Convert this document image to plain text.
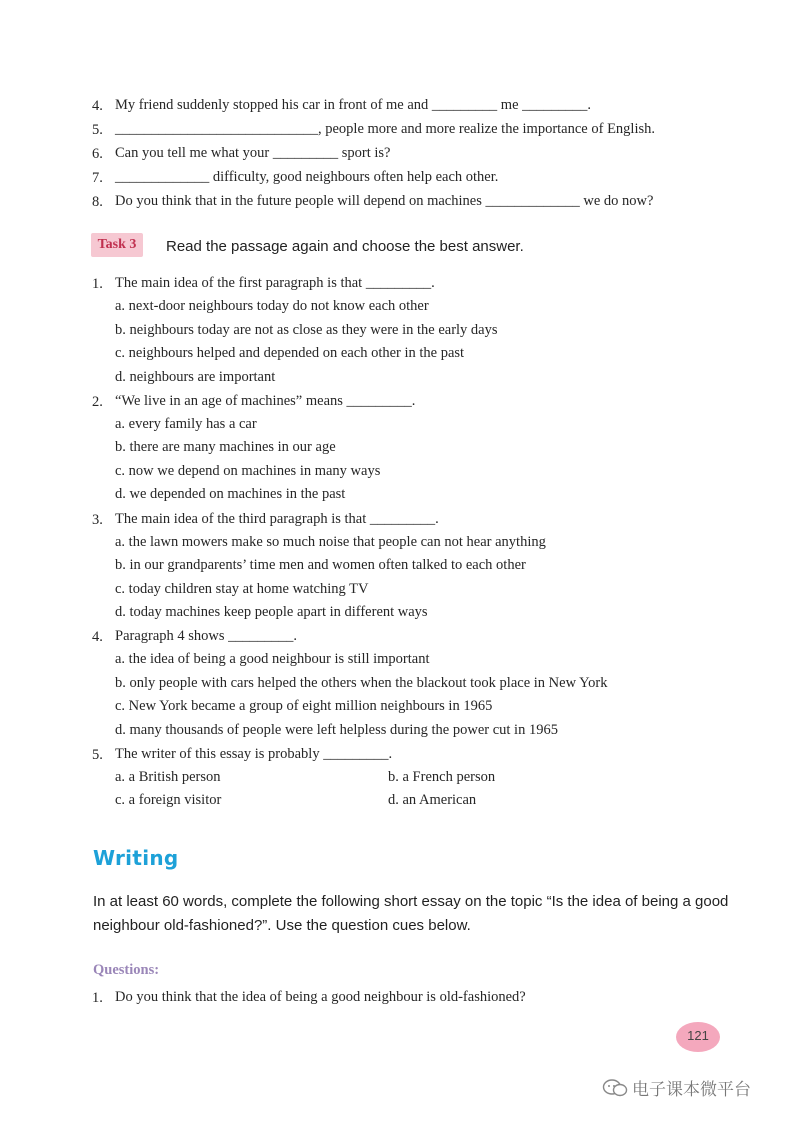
4. My friend suddenly stopped his car in front of me and _________ me _________.
5. ____________________________, people more and more realize the importance of English.
6. Can you tell me what your _________ sport is?
7. _____________ difficulty, good neighbours often help each other.
8. Do you think that in the future people will depend on machines _____________ we do now?
Task 3	Read the passage again and choose the best answer.
1. The main idea of the first paragraph is that _________.
a. next-door neighbours today do not know each other
b. neighbours today are not as close as they were in the early days
c. neighbours helped and depended on each other in the past
d. neighbours are important
2. “We live in an age of machines” means _________.
a. every family has a car
b. there are many machines in our age
c. now we depend on machines in many ways
d. we depended on machines in the past
3. The main idea of the third paragraph is that _________.
a. the lawn mowers make so much noise that people can not hear anything
b. in our grandparents’ time men and women often talked to each other
c. today children stay at home watching TV
d. today machines keep people apart in different ways
4. Paragraph 4 shows _________.
a. the idea of being a good neighbour is still important
b. only people with cars helped the others when the blackout took place in New York
c. New York became a group of eight million neighbours in 1965
d. many thousands of people were left helpless during the power cut in 1965
5. The writer of this essay is probably _________.
a. a British person	b. a French person
c. a foreign visitor	d. an American
Writing
In at least 60 words, complete the following short essay on the topic “Is the idea of being a good neighbour old-fashioned?”. Use the question cues below.
Questions:
1. Do you think that the idea of being a good neighbour is old-fashioned?
121
电子课本微平台
